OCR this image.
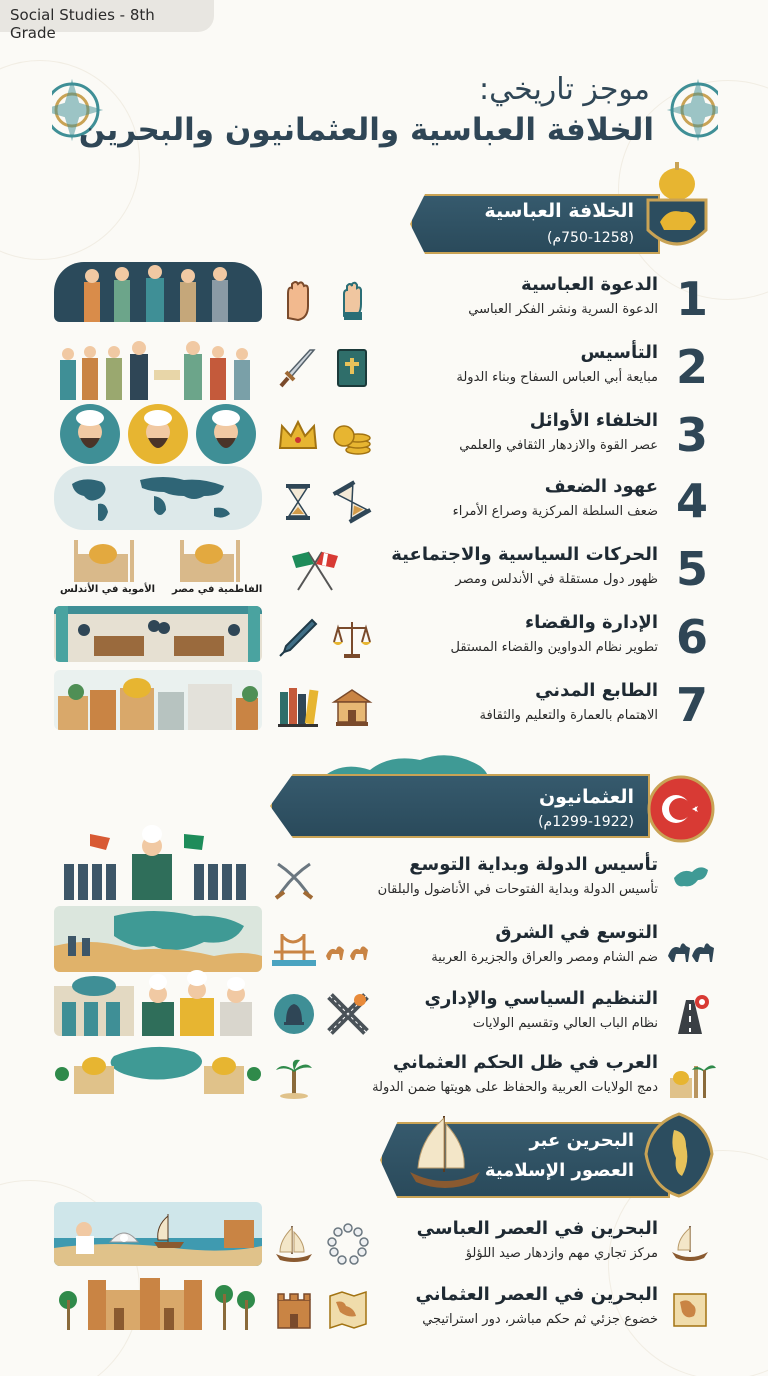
Social Studies - 8th Grade
موجز تاريخي:
الخلافة العباسية والعثمانيون والبحرين
الخلافة العباسية
(750-1258م)
1
الدعوة العباسية
الدعوة السرية ونشر الفكر العباسي
2
التأسيس
مبايعة أبي العباس السفاح وبناء الدولة
3
الخلفاء الأوائل
عصر القوة والازدهار الثقافي والعلمي
4
عهود الضعف
ضعف السلطة المركزية وصراع الأمراء
5
الحركات السياسية والاجتماعية
ظهور دول مستقلة في الأندلس ومصر
الفاطمية في مصر
الأموية في الأندلس
6
الإدارة والقضاء
تطوير نظام الدواوين والقضاء المستقل
7
الطابع المدني
الاهتمام بالعمارة والتعليم والثقافة
العثمانيون
(1299-1922م)
تأسيس الدولة وبداية التوسع
تأسيس الدولة وبداية الفتوحات في الأناضول والبلقان
التوسع في الشرق
ضم الشام ومصر والعراق والجزيرة العربية
التنظيم السياسي والإداري
نظام الباب العالي وتقسيم الولايات
العرب في ظل الحكم العثماني
دمج الولايات العربية والحفاظ على هويتها ضمن الدولة
البحرين عبر
العصور الإسلامية
البحرين في العصر العباسي
مركز تجاري مهم وازدهار صيد اللؤلؤ
البحرين في العصر العثماني
خضوع جزئي ثم حكم مباشر، دور استراتيجي
